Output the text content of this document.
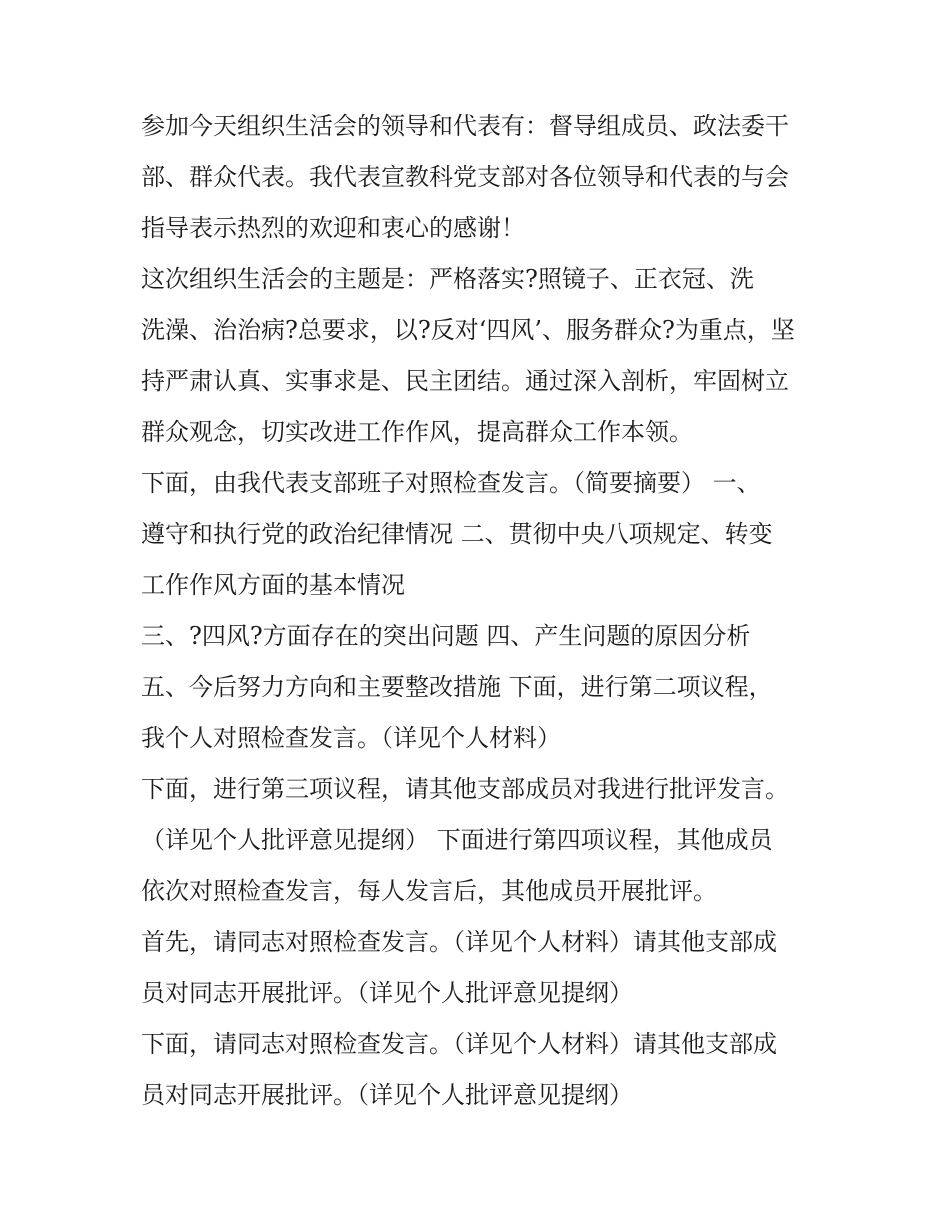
参加今天组织生活会的领导和代表有：督导组成员、政法委干
部、群众代表。我代表宣教科党支部对各位领导和代表的与会
指导表示热烈的欢迎和衷心的感谢！
这次组织生活会的主题是：严格落实?照镜子、正衣冠、洗
洗澡、治治病?总要求，以?反对‘四风’、服务群众?为重点，坚
持严肃认真、实事求是、民主团结。通过深入剖析，牢固树立
群众观念，切实改进工作作风，提高群众工作本领。
下面，由我代表支部班子对照检查发言。（简要摘要） 一、
遵守和执行党的政治纪律情况 二、贯彻中央八项规定、转变
工作作风方面的基本情况
三、?四风?方面存在的突出问题 四、产生问题的原因分析
五、今后努力方向和主要整改措施 下面，进行第二项议程，
我个人对照检查发言。（详见个人材料）
下面，进行第三项议程，请其他支部成员对我进行批评发言。
（详见个人批评意见提纲） 下面进行第四项议程，其他成员
依次对照检查发言，每人发言后，其他成员开展批评。
首先，请同志对照检查发言。（详见个人材料）请其他支部成
员对同志开展批评。（详见个人批评意见提纲）
下面，请同志对照检查发言。（详见个人材料）请其他支部成
员对同志开展批评。（详见个人批评意见提纲）
